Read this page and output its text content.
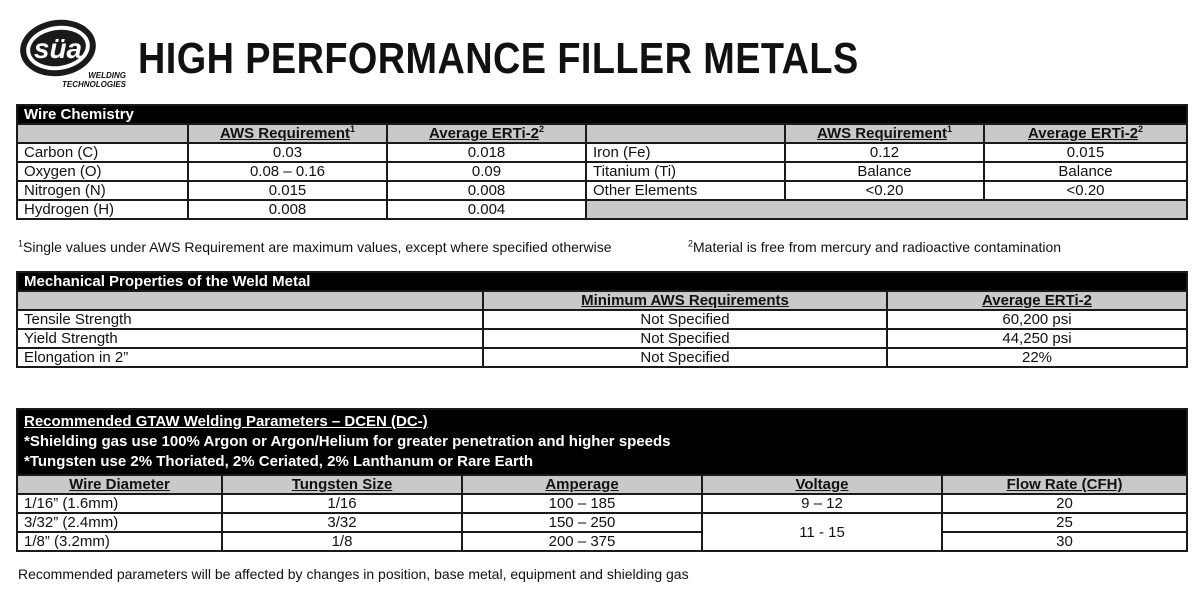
süa
WELDING
TECHNOLOGIES
HIGH PERFORMANCE FILLER METALS
Wire Chemistry					
	AWS Requirement$^1$	Average ERTi-$2^2$		AWS Requirement$^1$	Average ERTi-$2^2$
Carbon (C)	0.03	0.018	Iron (Fe)	0.12	0.015
Oxygen (O)	0.08 – 0.16	0.09	Titanium (Ti)	Balance	Balance
Nitrogen (N)	0.015	0.008	Other Elements	<0.20	<0.20
Hydrogen (H)	0.008	0.004			
$^1$Single values under AWS Requirement are maximum values, except where specified otherwise	$^2$Material is free from mercury and radioactive contamination
Mechanical Properties of the Weld Metal		
	Minimum AWS Requirements	Average ERTi-2
Tensile Strength	Not Specified	60,200 psi
Yield Strength	Not Specified	44,250 psi
Elongation in 2”	Not Specified	22%
Recommended GTAW Welding Parameters – DCEN (DC-)
*Shielding gas use 100% Argon or Argon/Helium for greater penetration and higher speeds
*Tungsten use 2% Thoriated, 2% Ceriated, 2% Lanthanum or Rare Earth				

Wire Diameter	Tungsten Size	Amperage	Voltage	Flow Rate (CFH)
1/16” (1.6mm)	1/16	100 – 185	9 – 12	20
3/32” (2.4mm)	3/32	150 – 250	11 - 15	25
1/8” (3.2mm)	1/8	200 – 375		30
Recommended parameters will be affected by changes in position, base metal, equipment and shielding gas
